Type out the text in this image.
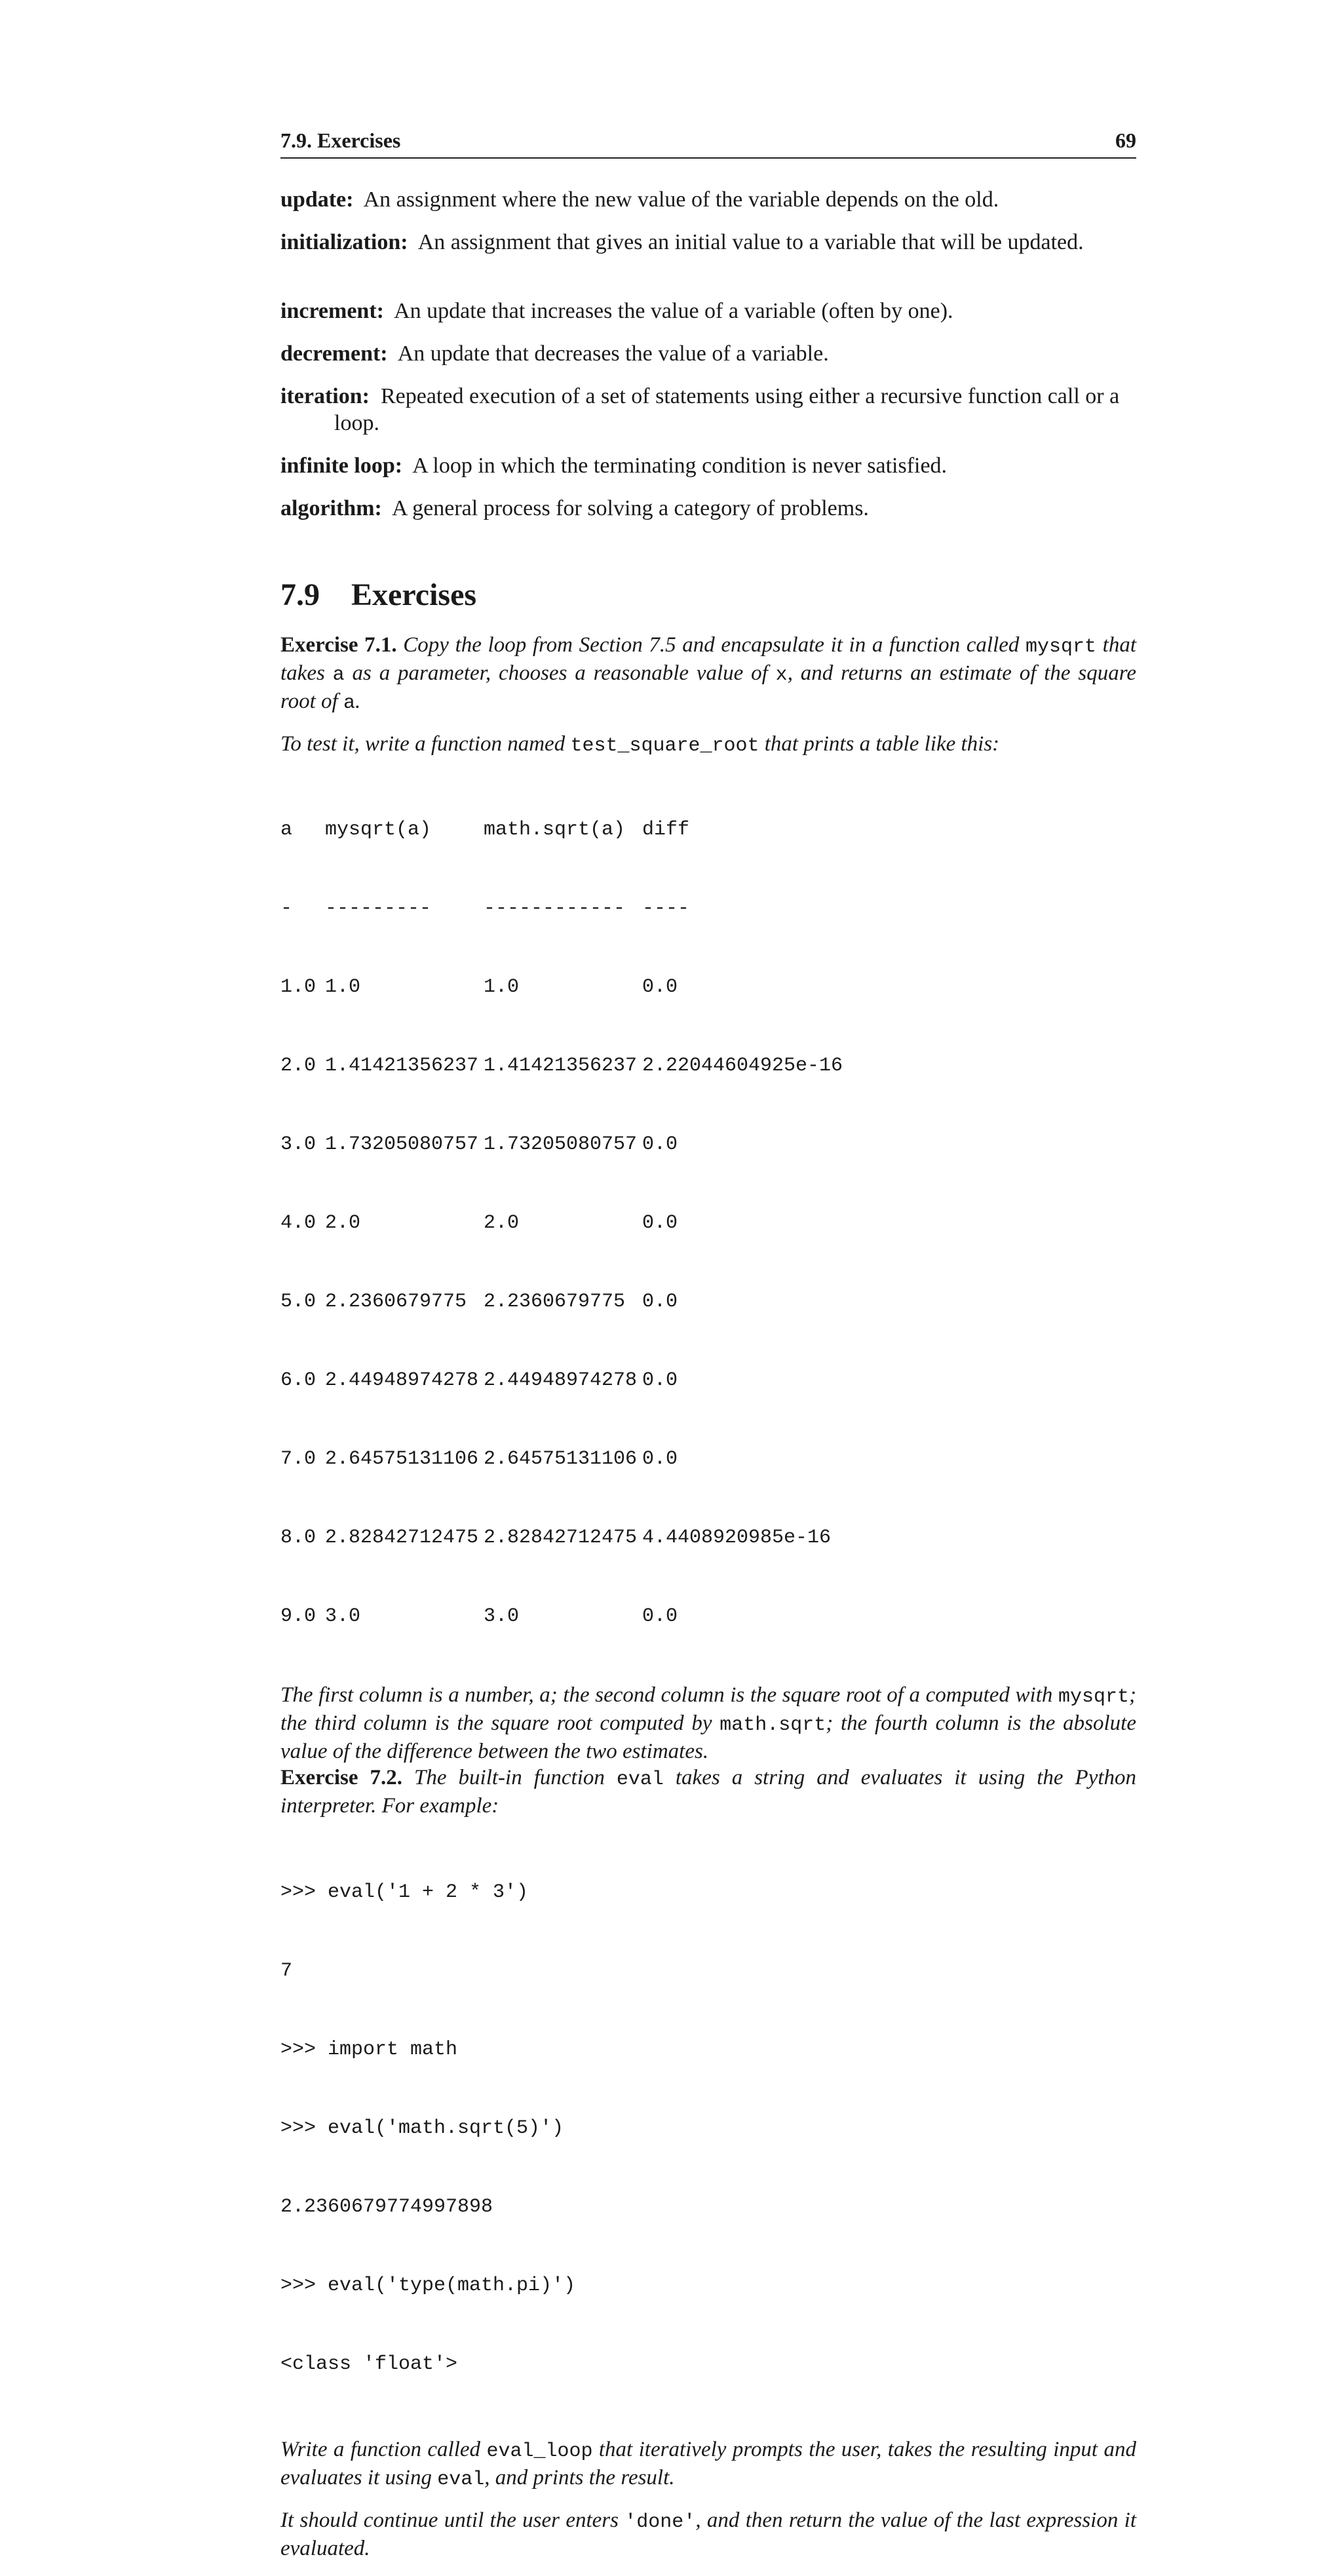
7.9. Exercises	69
update: An assignment where the new value of the variable depends on the old.
initialization: An assignment that gives an initial value to a variable that will be updated.
increment: An update that increases the value of a variable (often by one).
decrement: An update that decreases the value of a variable.
iteration: Repeated execution of a set of statements using either a recursive function call or a loop.
infinite loop: A loop in which the terminating condition is never satisfied.
algorithm: A general process for solving a category of problems.
7.9 Exercises

Exercise 7.1. Copy the loop from Section 7.5 and encapsulate it in a function called mysqrt that takes a as a parameter, chooses a reasonable value of x, and returns an estimate of the square root of a.

To test it, write a function named test_square_root that prints a table like this:

a	mysqrt(a)	math.sqrt(a) diff

-	---------	------------ ----

1.0 1.0	1.0	0.0

2.0 1.41421356237 1.41421356237 2.22044604925e-16

3.0 1.73205080757 1.73205080757 0.0

4.0 2.0	2.0	0.0

5.0 2.2360679775 2.2360679775 0.0

6.0 2.44948974278 2.44948974278 0.0

7.0 2.64575131106 2.64575131106 0.0

8.0 2.82842712475 2.82842712475 4.4408920985e-16

9.0 3.0	3.0	0.0

The first column is a number, a; the second column is the square root of a computed with mysqrt; the third column is the square root computed by math.sqrt; the fourth column is the absolute value of the difference between the two estimates.

Exercise 7.2. The built-in function eval takes a string and evaluates it using the Python interpreter. For example:

>>> eval('1 + 2 * 3')

7

>>> import math

>>> eval('math.sqrt(5)')

2.2360679774997898

>>> eval('type(math.pi)')

<class 'float'>

Write a function called eval_loop that iteratively prompts the user, takes the resulting input and evaluates it using eval, and prints the result.

It should continue until the user enters 'done', and then return the value of the last expression it evaluated.
